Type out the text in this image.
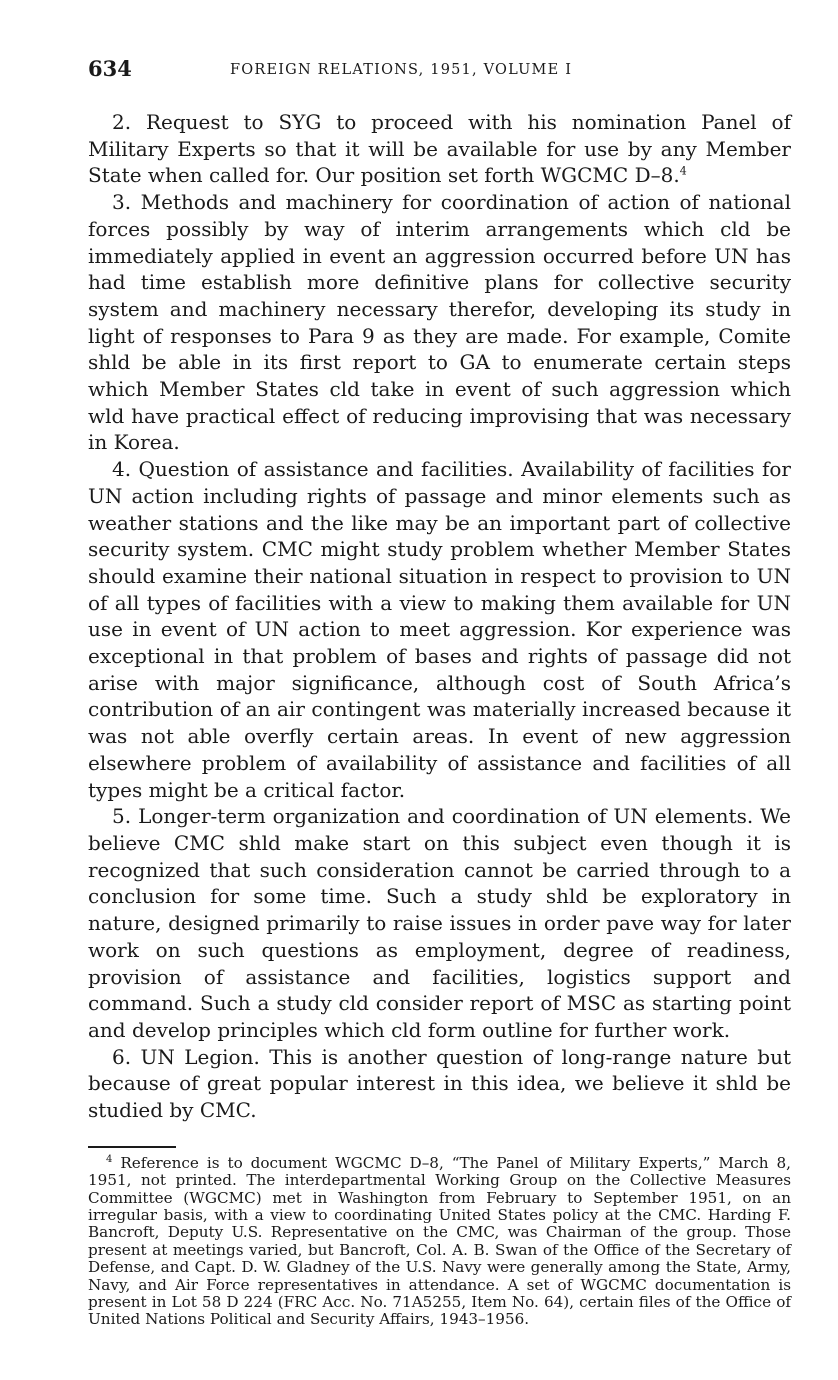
634	FOREIGN RELATIONS, 1951, VOLUME I

2. Request to SYG to proceed with his nomination Panel of Military Experts so that it will be available for use by any Member State when called for. Our position set forth WGCMC D–8.$^4$

3. Methods and machinery for coordination of action of national forces possibly by way of interim arrangements which cld be immediately applied in event an aggression occurred before UN has had time establish more definitive plans for collective security system and machinery necessary therefor, developing its study in light of responses to Para 9 as they are made. For example, Comite shld be able in its first report to GA to enumerate certain steps which Member States cld take in event of such aggression which wld have practical effect of reducing improvising that was necessary in Korea.

4. Question of assistance and facilities. Availability of facilities for UN action including rights of passage and minor elements such as weather stations and the like may be an important part of collective security system. CMC might study problem whether Member States should examine their national situation in respect to provision to UN of all types of facilities with a view to making them available for UN use in event of UN action to meet aggression. Kor experience was exceptional in that problem of bases and rights of passage did not arise with major significance, although cost of South Africa’s contribution of an air contingent was materially increased because it was not able overfly certain areas. In event of new aggression elsewhere problem of availability of assistance and facilities of all types might be a critical factor.

5. Longer-term organization and coordination of UN elements. We believe CMC shld make start on this subject even though it is recognized that such consideration cannot be carried through to a conclusion for some time. Such a study shld be exploratory in nature, designed primarily to raise issues in order pave way for later work on such questions as employment, degree of readiness, provision of assistance and facilities, logistics support and command. Such a study cld consider report of MSC as starting point and develop principles which cld form outline for further work.

6. UN Legion. This is another question of long-range nature but because of great popular interest in this idea, we believe it shld be studied by CMC.

$^4$ Reference is to document WGCMC D–8, “The Panel of Military Experts,” March 8, 1951, not printed. The interdepartmental Working Group on the Collective Measures Committee (WGCMC) met in Washington from February to September 1951, on an irregular basis, with a view to coordinating United States policy at the CMC. Harding F. Bancroft, Deputy U.S. Representative on the CMC, was Chairman of the group. Those present at meetings varied, but Bancroft, Col. A. B. Swan of the Office of the Secretary of Defense, and Capt. D. W. Gladney of the U.S. Navy were generally among the State, Army, Navy, and Air Force representatives in attendance. A set of WGCMC documentation is present in Lot 58 D 224 (FRC Acc. No. 71A5255, Item No. 64), certain files of the Office of United Nations Political and Security Affairs, 1943–1956.
